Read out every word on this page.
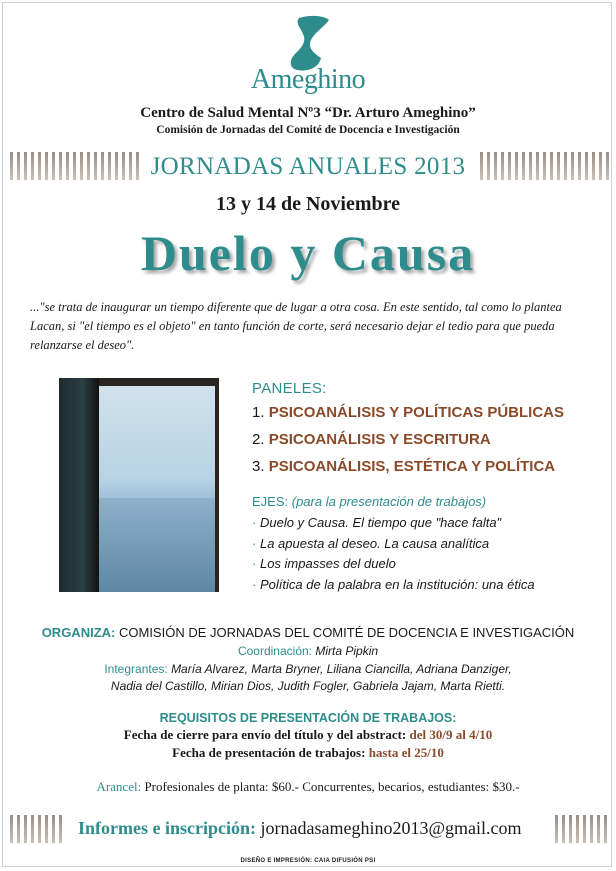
Ameghino
Centro de Salud Mental Nº3 “Dr. Arturo Ameghino”
Comisión de Jornadas del Comité de Docencia e Investigación
JORNADAS ANUALES 2013
13 y 14 de Noviembre
Duelo y Causa
..."se trata de inaugurar un tiempo diferente que de lugar a otra cosa. En este sentido, tal como lo plantea Lacan, si "el tiempo es el objeto" en tanto función de corte, será necesario dejar el tedio para que pueda relanzarse el deseo".
PANELES:
1. PSICOANÁLISIS Y POLÍTICAS PÚBLICAS
2. PSICOANÁLISIS Y ESCRITURA
3. PSICOANÁLISIS, ESTÉTICA Y POLÍTICA
EJES: (para la presentación de trabajos)
· Duelo y Causa. El tiempo que "hace falta"
· La apuesta al deseo. La causa analítica
· Los impasses del duelo
· Política de la palabra en la institución: una ética
ORGANIZA: COMISIÓN DE JORNADAS DEL COMITÉ DE DOCENCIA E INVESTIGACIÓN
Coordinación: Mirta Pipkin
Integrantes: María Alvarez, Marta Bryner, Liliana Ciancilla, Adriana Danziger,
Nadia del Castillo, Mirian Dios, Judith Fogler, Gabriela Jajam, Marta Rietti.
REQUISITOS DE PRESENTACIÓN DE TRABAJOS:
Fecha de cierre para envío del título y del abstract: del 30/9 al 4/10
Fecha de presentación de trabajos: hasta el 25/10
Arancel: Profesionales de planta: $60.- Concurrentes, becarios, estudiantes: $30.-
Informes e inscripción: jornadasameghino2013@gmail.com
DISEÑO E IMPRESIÓN: CAIA DIFUSIÓN PSI
